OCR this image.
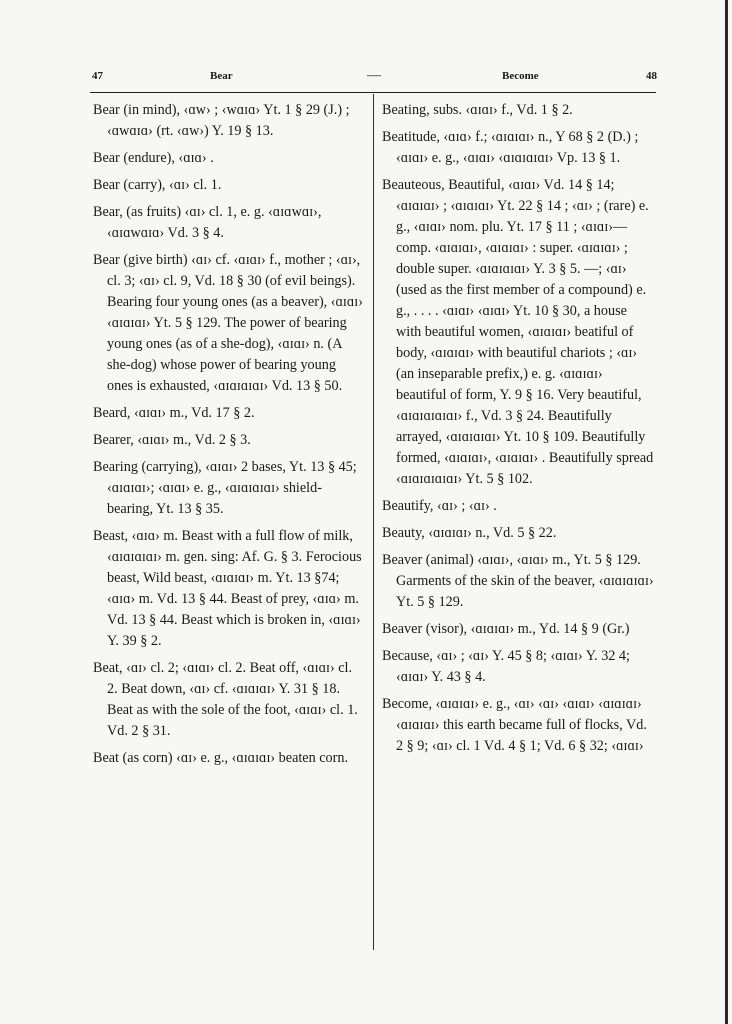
47	Bear	—	Become	48

Bear (in mind), ‹ɑw› ; ‹wɑɪɑ› Yt. 1 § 29 (J.) ; ‹ɑwɑɪɑ› (rt. ‹ɑw›) Y. 19 § 13.

Bear (endure), ‹ɑɪɑ› .

Bear (carry), ‹ɑɪ› cl. 1.

Bear, (as fruits) ‹ɑɪ› cl. 1, e. g. ‹ɑɪɑwɑɪ›, ‹ɑɪɑwɑɪɑ› Vd. 3 § 4.

Bear (give birth) ‹ɑɪ› cf. ‹ɑɪɑɪ› f., mother ; ‹ɑɪ›, cl. 3; ‹ɑɪ› cl. 9, Vd. 18 § 30 (of evil beings). Bearing four young ones (as a beaver), ‹ɑɪɑɪ› ‹ɑɪɑɪɑɪ› Yt. 5 § 129. The power of bearing young ones (as of a she-dog), ‹ɑɪɑɪ› n. (A she-dog) whose power of bearing young ones is exhausted, ‹ɑɪɑɪɑɪɑɪ› Vd. 13 § 50.

Beard, ‹ɑɪɑɪ› m., Vd. 17 § 2.

Bearer, ‹ɑɪɑɪ› m., Vd. 2 § 3.

Bearing (carrying), ‹ɑɪɑɪ› 2 bases, Yt. 13 § 45; ‹ɑɪɑɪɑɪ›; ‹ɑɪɑɪ› e. g., ‹ɑɪɑɪɑɪɑɪ› shield-bearing, Yt. 13 § 35.

Beast, ‹ɑɪɑ› m. Beast with a full flow of milk, ‹ɑɪɑɪɑɪɑɪ› m. gen. sing: Af. G. § 3. Ferocious beast, Wild beast, ‹ɑɪɑɪɑɪ› m. Yt. 13 §74; ‹ɑɪɑ› m. Vd. 13 § 44. Beast of prey, ‹ɑɪɑ› m. Vd. 13 § 44. Beast which is broken in, ‹ɑɪɑɪ› Y. 39 § 2.

Beat, ‹ɑɪ› cl. 2; ‹ɑɪɑɪ› cl. 2. Beat off, ‹ɑɪɑɪ› cl. 2. Beat down, ‹ɑɪ› cf. ‹ɑɪɑɪɑɪ› Y. 31 § 18. Beat as with the sole of the foot, ‹ɑɪɑɪ› cl. 1. Vd. 2 § 31.

Beat (as corn) ‹ɑɪ› e. g., ‹ɑɪɑɪɑɪ› beaten corn.

Beating, subs. ‹ɑɪɑɪ› f., Vd. 1 § 2.

Beatitude, ‹ɑɪɑ› f.; ‹ɑɪɑɪɑɪ› n., Y 68 § 2 (D.) ; ‹ɑɪɑɪ› e. g., ‹ɑɪɑɪ› ‹ɑɪɑɪɑɪɑɪ› Vp. 13 § 1.

Beauteous, Beautiful, ‹ɑɪɑɪ› Vd. 14 § 14; ‹ɑɪɑɪɑɪ› ; ‹ɑɪɑɪɑɪ› Yt. 22 § 14 ; ‹ɑɪ› ; (rare) e. g., ‹ɑɪɑɪ› nom. plu. Yt. 17 § 11 ; ‹ɑɪɑɪ›—comp. ‹ɑɪɑɪɑɪ›, ‹ɑɪɑɪɑɪ› : super. ‹ɑɪɑɪɑɪ› ; double super. ‹ɑɪɑɪɑɪɑɪ› Y. 3 § 5. —; ‹ɑɪ› (used as the first member of a compound) e. g., . . . . ‹ɑɪɑɪ› ‹ɑɪɑɪ› Yt. 10 § 30, a house with beautiful women, ‹ɑɪɑɪɑɪ› beatiful of body, ‹ɑɪɑɪɑɪ› with beautiful chariots ; ‹ɑɪ› (an inseparable prefix,) e. g. ‹ɑɪɑɪɑɪ› beautiful of form, Y. 9 § 16. Very beautiful, ‹ɑɪɑɪɑɪɑɪɑɪ› f., Vd. 3 § 24. Beautifully arrayed, ‹ɑɪɑɪɑɪɑɪ› Yt. 10 § 109. Beautifully formed, ‹ɑɪɑɪɑɪ›, ‹ɑɪɑɪɑɪ› . Beautifully spread ‹ɑɪɑɪɑɪɑɪɑɪ› Yt. 5 § 102.

Beautify, ‹ɑɪ› ; ‹ɑɪ› .

Beauty, ‹ɑɪɑɪɑɪ› n., Vd. 5 § 22.

Beaver (animal) ‹ɑɪɑɪ›, ‹ɑɪɑɪ› m., Yt. 5 § 129. Garments of the skin of the beaver, ‹ɑɪɑɪɑɪɑɪ› Yt. 5 § 129.

Beaver (visor), ‹ɑɪɑɪɑɪ› m., Yd. 14 § 9 (Gr.)

Because, ‹ɑɪ› ; ‹ɑɪ› Y. 45 § 8; ‹ɑɪɑɪ› Y. 32 4; ‹ɑɪɑɪ› Y. 43 § 4.

Become, ‹ɑɪɑɪɑɪ› e. g., ‹ɑɪ› ‹ɑɪ› ‹ɑɪɑɪ› ‹ɑɪɑɪɑɪ› ‹ɑɪɑɪɑɪ› this earth became full of flocks, Vd. 2 § 9; ‹ɑɪ› cl. 1 Vd. 4 § 1; Vd. 6 § 32; ‹ɑɪɑɪ›
